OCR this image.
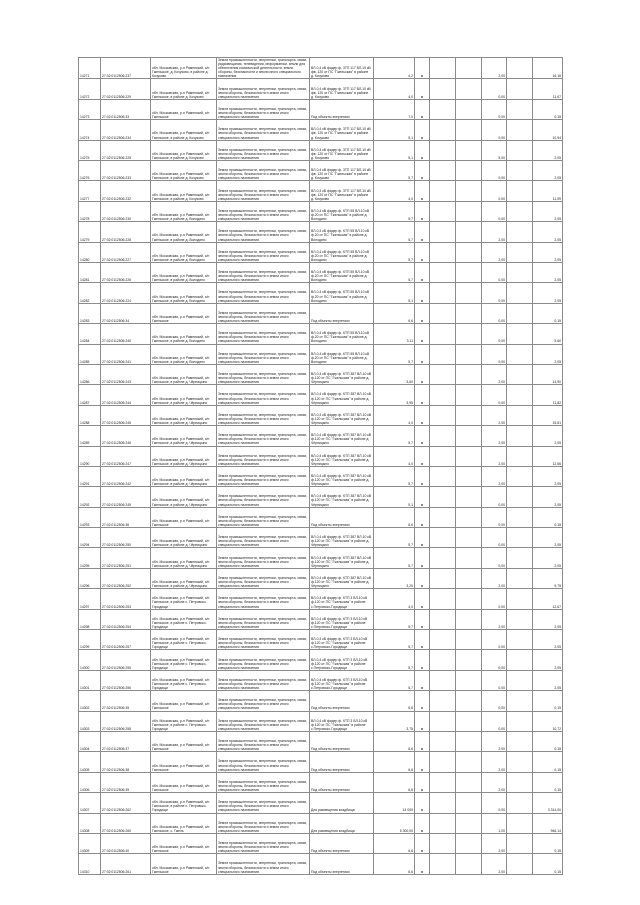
14271	27:02:0112506:237	обл. Московская, р-н Раменский, с/п Гжельское, д. Кочуково, в районе д. Кочуково	Земли промышленности, энергетики, транспорта, связи, радиовещания, телевидения, информатики, земли для обеспечения космической деятельности, земли обороны, безопасности и земли иного специального назначения	ВЛ-0,4 кВ фидер ф. 3ТП 117 ВЛ-10 кВ фв. 120 от ПС "Гжельская" в районе д. Кочуково	4,2	м			2,00		16,16
14272	27:02:0112506:229	обл. Московская, р-н Раменский, с/п Гжельское, в районе д. Кочуково	Земли промышленности, энергетики, транспорта, связи, земли обороны, безопасности и земли иного специального назначения	ВЛ-0,4 кВ фидер ф. 3ТП 117 ВЛ-10 кВ фв. 120 от ПС "Гжельская" в районе д. Кочуково	4,0	м			0,00		11,67
14273	27:02:0112506:33	обл. Московская, р-н Раменский, с/п Гжельское	Земли промышленности, энергетики, транспорта, связи, земли обороны, безопасности и земли иного специального назначения	Под объекты энергетики	7,0	м			0,00		0,15
14274	27:02:0112506:234	обл. Московская, р-н Раменский, с/п Гжельское, в районе д. Кочуково	Земли промышленности, энергетики, транспорта, связи, земли обороны, безопасности и земли иного специального назначения	ВЛ-0,4 кВ фидер ф. 3ТП 117 ВЛ-10 кВ фв. 120 от ПС "Гжельская" в районе д. Кочуково	5,1	м			0,00		10,94
14275	27:02:0112506:225	обл. Московская, р-н Раменский, с/п Гжельское, в районе д. Кочуково	Земли промышленности, энергетики, транспорта, связи, земли обороны, безопасности и земли иного специального назначения	ВЛ-0,4 кВ фидер ф. 3ТП 117 ВЛ-10 кВ фв. 120 от ПС "Гжельская" в районе д. Кочуково	5,1	м			5,00		2,05
14276	27:02:0112506:233	обл. Московская, р-н Раменский, с/п Гжельское, в районе д. Кочуково	Земли промышленности, энергетики, транспорта, связи, земли обороны, безопасности и земли иного специального назначения	ВЛ-0,4 кВ фидер ф. 3ТП 117 ВЛ-10 кВ фв. 120 от ПС "Гжельская" в районе д. Кочуково	5,7	м			0,00		2,05
14277	27:02:0112506:232	обл. Московская, р-н Раменский, с/п Гжельское, в районе д. Кочуково	Земли промышленности, энергетики, транспорта, связи, земли обороны, безопасности и земли иного специального назначения	ВЛ-0,4 кВ фидер ф. 3ТП 117 ВЛ-10 кВ фв. 120 от ПС "Гжельская" в районе д. Кочуково	4,0	м			0,00		11,59
14278	27:02:0112506:230	обл. Московская, р-н Раменский, с/п Гжельское, в районе д. Володино	Земли промышленности, энергетики, транспорта, связи, земли обороны, безопасности и земли иного специального назначения	ВЛ-0,4 кВ фидер ф. КТП 55 ВЛ-10 кВ ф.20 от ПС "Гжельская" в районе д. Володино	5,7	м			0,00		2,05
14279	27:02:0112506:228	обл. Московская, р-н Раменский, с/п Гжельское, в районе д. Володино	Земли промышленности, энергетики, транспорта, связи, земли обороны, безопасности и земли иного специального назначения	ВЛ-0,4 кВ фидер ф. КТП 55 ВЛ-10 кВ ф.20 от ПС "Гжельская" в районе д. Володино	5,7	м			2,00		2,05
14280	27:02:0112506:227	обл. Московская, р-н Раменский, с/п Гжельское, в районе д. Володино	Земли промышленности, энергетики, транспорта, связи, земли обороны, безопасности и земли иного специального назначения	ВЛ-0,4 кВ фидер ф. КТП 55 ВЛ-10 кВ ф.20 от ПС "Гжельская" в районе д. Володино	5,7	м			2,00		2,05
14281	27:02:0112506:226	обл. Московская, р-н Раменский, с/п Гжельское, в районе д. Володино	Земли промышленности, энергетики, транспорта, связи, земли обороны, безопасности и земли иного специального назначения	ВЛ-0,4 кВ фидер ф. КТП 55 ВЛ-10 кВ ф.20 от ПС "Гжельская" в районе д. Володино	5,7	м			0,00		2,05
14282	27:02:0112506:224	обл. Московская, р-н Раменский, с/п Гжельское, в районе д. Володино	Земли промышленности, энергетики, транспорта, связи, земли обороны, безопасности и земли иного специального назначения	ВЛ-0,4 кВ фидер ф. КТП 55 ВЛ-10 кВ ф.20 от ПС "Гжельская" в районе д. Володино	5,1	м			0,00		2,05
14283	27:02:0112506:34	обл. Московская, р-н Раменский, с/п Гжельское	Земли промышленности, энергетики, транспорта, связи, земли обороны, безопасности и земли иного специального назначения	Под объекты энергетики	6,6	м			0,00		0,15
14284	27:02:0112506:240	обл. Московская, р-н Раменский, с/п Гжельское, в районе д. Володино	Земли промышленности, энергетики, транспорта, связи, земли обороны, безопасности и земли иного специального назначения	ВЛ-0,4 кВ фидер ф. КТП 55 ВЛ-10 кВ ф.20 от ПС "Гжельская" в районе д. Володино	3,11	м			0,00		5,60
14285	27:02:0112506:241	обл. Московская, р-н Раменский, с/п Гжельское, в районе д. Володино	Земли промышленности, энергетики, транспорта, связи, земли обороны, безопасности и земли иного специального назначения	ВЛ-0,4 кВ фидер ф. КТП 55 ВЛ-10 кВ ф.20 от ПС "Гжельская" в районе д. Володино	5,7	м			0,00		2,05
14286	27:02:0112506:243	обл. Московская, р-н Раменский, с/п Гжельское, в районе д. Чёрницыно	Земли промышленности, энергетики, транспорта, связи, земли обороны, безопасности и земли иного специального назначения	ВЛ-0,4 кВ фидер ф. КТП 387 ВЛ-10 кВ ф.120 от ПС "Гжельская" в районе д. Чёрницыно	3,60	м			2,00		14,90
14287	27:02:0112506:244	обл. Московская, р-н Раменский, с/п Гжельское, в районе д. Чёрницыно	Земли промышленности, энергетики, транспорта, связи, земли обороны, безопасности и земли иного специального назначения	ВЛ-0,4 кВ фидер ф. КТП 387 ВЛ-10 кВ ф.120 от ПС "Гжельская" в районе д. Чёрницыно	3,95	м			0,00		11,82
14288	27:02:0112506:245	обл. Московская, р-н Раменский, с/п Гжельское, в районе д. Чёрницыно	Земли промышленности, энергетики, транспорта, связи, земли обороны, безопасности и земли иного специального назначения	ВЛ-0,4 кВ фидер ф. КТП 387 ВЛ-10 кВ ф.120 от ПС "Гжельская" в районе д. Чёрницыно	4,0	м			2,00		15,81
14289	27:02:0112506:246	обл. Московская, р-н Раменский, с/п Гжельское, в районе д. Чёрницыно	Земли промышленности, энергетики, транспорта, связи, земли обороны, безопасности и земли иного специального назначения	ВЛ-0,4 кВ фидер ф. КТП 387 ВЛ-10 кВ ф.120 от ПС "Гжельская" в районе д. Чёрницыно	5,7	м			2,00		2,05
14290	27:02:0112506:247	обл. Московская, р-н Раменский, с/п Гжельское, в районе д. Чёрницыно	Земли промышленности, энергетики, транспорта, связи, земли обороны, безопасности и земли иного специального назначения	ВЛ-0,4 кВ фидер ф. КТП 387 ВЛ-10 кВ ф.120 от ПС "Гжельская" в районе д. Чёрницыно	4,0	м			2,00		12,66
14291	27:02:0112506:242	обл. Московская, р-н Раменский, с/п Гжельское, в районе д. Чёрницыно	Земли промышленности, энергетики, транспорта, связи, земли обороны, безопасности и земли иного специального назначения	ВЛ-0,4 кВ фидер ф. КТП 387 ВЛ-10 кВ ф.120 от ПС "Гжельская" в районе д. Чёрницыно	5,7	м			2,00		2,05
14292	27:02:0112506:249	обл. Московская, р-н Раменский, с/п Гжельское, в районе д. Чёрницыно	Земли промышленности, энергетики, транспорта, связи, земли обороны, безопасности и земли иного специального назначения	ВЛ-0,4 кВ фидер ф. КТП 387 ВЛ-10 кВ ф.120 от ПС "Гжельская" в районе д. Чёрницыно	5,1	м			0,00		2,05
14293	27:02:0112506:36	обл. Московская, р-н Раменский, с/п Гжельское	Земли промышленности, энергетики, транспорта, связи, земли обороны, безопасности и земли иного специального назначения	Под объекты энергетики	6,6	м			0,00		0,15
14294	27:02:0112506:250	обл. Московская, р-н Раменский, с/п Гжельское, в районе д. Чёрницыно	Земли промышленности, энергетики, транспорта, связи, земли обороны, безопасности и земли иного специального назначения	ВЛ-0,4 кВ фидер ф. КТП 387 ВЛ-10 кВ ф.120 от ПС "Гжельская" в районе д. Чёрницыно	5,7	м			0,00		2,05
14295	27:02:0112506:251	обл. Московская, р-н Раменский, с/п Гжельское, в районе д. Чёрницыно	Земли промышленности, энергетики, транспорта, связи, земли обороны, безопасности и земли иного специального назначения	ВЛ-0,4 кВ фидер ф. КТП 387 ВЛ-10 кВ ф.120 от ПС "Гжельская" в районе д. Чёрницыно	5,7	м			0,00		2,05
14296	27:02:0112506:252	обл. Московская, р-н Раменский, с/п Гжельское, в районе д. Чёрницыно	Земли промышленности, энергетики, транспорта, связи, земли обороны, безопасности и земли иного специального назначения	ВЛ-0,4 кВ фидер ф. КТП 387 ВЛ-10 кВ ф.120 от ПС "Гжельская" в районе д. Чёрницыно	3,20	м			2,00		9,75
14297	27:02:0112506:253	обл. Московская, р-н Раменский, с/п Гжельское, в районе с. Петровско-Городищи	Земли промышленности, энергетики, транспорта, связи, земли обороны, безопасности и земли иного специального назначения	ВЛ-0,4 кВ фидер ф. КТП 3 ВЛ-10 кВ ф.120 от ПС "Гжельская" в районе с.Петровско-Городищи	4,0	м			0,00		12,67
14298	27:02:0112506:254	обл. Московская, р-н Раменский, с/п Гжельское, в районе с. Петровско-Городищи	Земли промышленности, энергетики, транспорта, связи, земли обороны, безопасности и земли иного специального назначения	ВЛ-0,4 кВ фидер ф. КТП 3 ВЛ-10 кВ ф.120 от ПС "Гжельская" в районе с.Петровско-Городищи	5,7	м			2,00		2,05
14299	27:02:0112506:257	обл. Московская, р-н Раменский, с/п Гжельское, в районе с. Петровско-Городищи	Земли промышленности, энергетики, транспорта, связи, земли обороны, безопасности и земли иного специального назначения	ВЛ-0,4 кВ фидер ф. КТП 3 ВЛ-10 кВ ф.120 от ПС "Гжельская" в районе с.Петровско-Городищи	5,7	м			0,00		2,05
14300	27:02:0112506:255	обл. Московская, р-н Раменский, с/п Гжельское, в районе с. Петровско-Городищи	Земли промышленности, энергетики, транспорта, связи, земли обороны, безопасности и земли иного специального назначения	ВЛ-0,4 кВ фидер ф. КТП 3 ВЛ-10 кВ ф.120 от ПС "Гжельская" в районе с.Петровско-Городищи	5,7	м			0,00		2,05
14301	27:02:0112506:256	обл. Московская, р-н Раменский, с/п Гжельское, в районе с. Петровско-Городищи	Земли промышленности, энергетики, транспорта, связи, земли обороны, безопасности и земли иного специального назначения	ВЛ-0,4 кВ фидер ф. КТП 3 ВЛ-10 кВ ф.120 от ПС "Гжельская" в районе с.Петровско-Городищи	5,7	м			0,00		2,05
14302	27:02:0112506:35	обл. Московская, р-н Раменский, с/п Гжельское	Земли промышленности, энергетики, транспорта, связи, земли обороны, безопасности и земли иного специального назначения	Под объекты энергетики	6,6	м			0,00		0,15
14303	27:02:0112506:258	обл. Московская, р-н Раменский, с/п Гжельское, в районе с. Петровско-Городищи	Земли промышленности, энергетики, транспорта, связи, земли обороны, безопасности и земли иного специального назначения	ВЛ-0,4 кВ фидер ф. КТП 3 ВЛ-10 кВ ф.120 от ПС "Гжельская" в районе с.Петровско-Городищи	3,75	м			0,00		10,72
14304	27:02:0112506:37	обл. Московская, р-н Раменский, с/п Гжельское	Земли промышленности, энергетики, транспорта, связи, земли обороны, безопасности и земли иного специального назначения	Под объекты энергетики	6,6	м			2,00		0,15
14305	27:02:0112506:38	обл. Московская, р-н Раменский, с/п Гжельское	Земли промышленности, энергетики, транспорта, связи, земли обороны, безопасности и земли иного специального назначения	Под объекты энергетики	6,6	м			2,00		0,15
14306	27:02:0112506:39	обл. Московская, р-н Раменский, с/п Гжельское	Земли промышленности, энергетики, транспорта, связи, земли обороны, безопасности и земли иного специального назначения	Под объекты энергетики	6,6	м			2,00		0,15
14307	27:02:0112506:262	обл. Московская, р-н Раменский, с/п Гжельское, в районе с. Петровско-Городищи	Земли промышленности, энергетики, транспорта, связи, земли обороны, безопасности и земли иного специального назначения	Для размещения кладбища	14 000	м			0,00		3 314,00
14308	27:02:0112506:260	обл. Московская, р-н Раменский, с/п Гжельское, с. Гжель	Земли промышленности, энергетики, транспорта, связи, земли обороны, безопасности и земли иного специального назначения	Для размещения кладбища	5 300,00	м			1,00		946,14
14309	27:02:0112506:40	обл. Московская, р-н Раменский, с/п Гжельское	Земли промышленности, энергетики, транспорта, связи, земли обороны, безопасности и земли иного специального назначения	Под объекты энергетики	6,6	м			2,00		0,15
14310	27:02:0112506:261	обл. Московская, р-н Раменский, с/п Гжельское	Земли промышленности, энергетики, транспорта, связи, земли обороны, безопасности и земли иного специального назначения	Под объекты энергетики	6,6	м			2,00		0,15
